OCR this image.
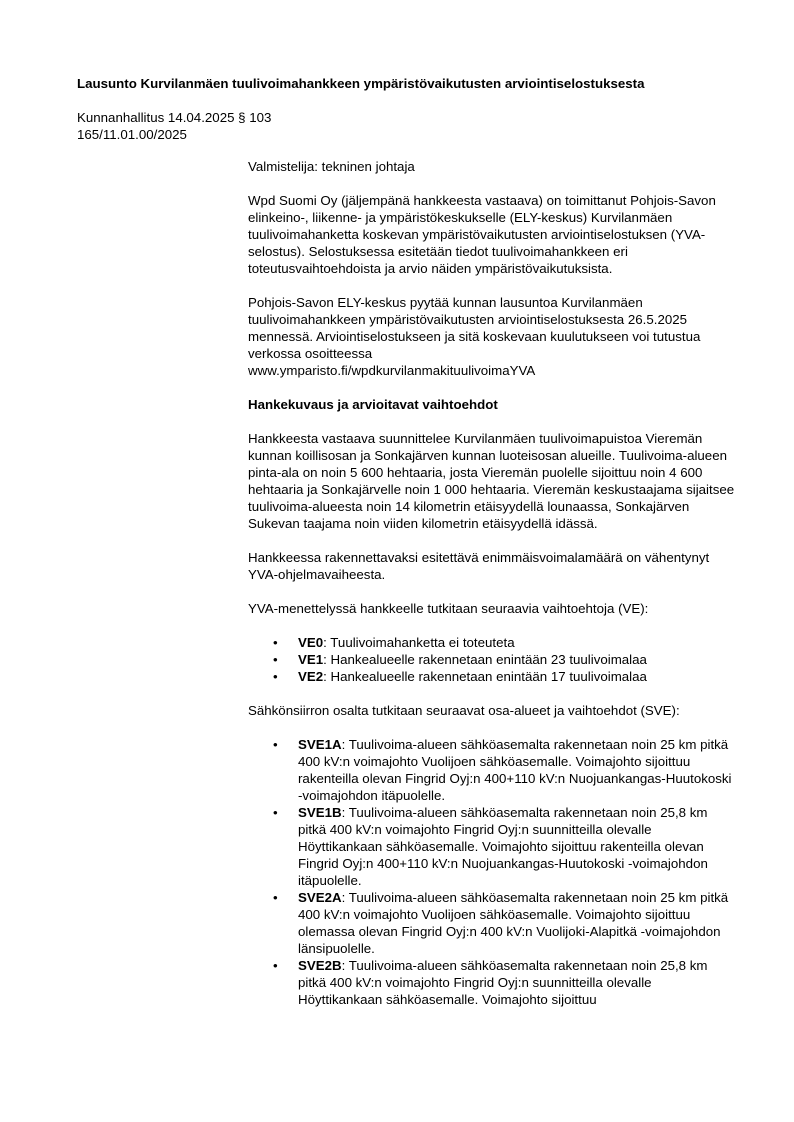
Lausunto Kurvilanmäen tuulivoimahankkeen ympäristövaikutusten arviointiselostuksesta

Kunnanhallitus 14.04.2025 § 103
165/11.01.00/2025

Valmistelija: tekninen johtaja

Wpd Suomi Oy (jäljempänä hankkeesta vastaava) on toimittanut Pohjois-Savon elinkeino-, liikenne- ja ympäristökeskukselle (ELY-keskus) Kurvilanmäen tuulivoimahanketta koskevan ympäristövaikutusten arviointiselostuksen (YVA-selostus). Selostuksessa esitetään tiedot tuulivoimahankkeen eri toteutusvaihtoehdoista ja arvio näiden ympäristövaikutuksista.

Pohjois-Savon ELY-keskus pyytää kunnan lausuntoa Kurvilanmäen tuulivoimahankkeen ympäristövaikutusten arviointiselostuksesta 26.5.2025 mennessä. Arviointiselostukseen ja sitä koskevaan kuulutukseen voi tutustua verkossa osoitteessa
www.ymparisto.fi/wpdkurvilanmakituulivoimaYVA

Hankekuvaus ja arvioitavat vaihtoehdot

Hankkeesta vastaava suunnittelee Kurvilanmäen tuulivoimapuistoa Vieremän kunnan koillisosan ja Sonkajärven kunnan luoteisosan alueille. Tuulivoima-alueen pinta-ala on noin 5 600 hehtaaria, josta Vieremän puolelle sijoittuu noin 4 600 hehtaaria ja Sonkajärvelle noin 1 000 hehtaaria. Vieremän keskustaajama sijaitsee tuulivoima-alueesta noin 14 kilometrin etäisyydellä lounaassa, Sonkajärven Sukevan taajama noin viiden kilometrin etäisyydellä idässä.

Hankkeessa rakennettavaksi esitettävä enimmäisvoimalamäärä on vähentynyt YVA-ohjelmavaiheesta.

YVA-menettelyssä hankkeelle tutkitaan seuraavia vaihtoehtoja (VE):

• VE0: Tuulivoimahanketta ei toteuteta
• VE1: Hankealueelle rakennetaan enintään 23 tuulivoimalaa
• VE2: Hankealueelle rakennetaan enintään 17 tuulivoimalaa

Sähkönsiirron osalta tutkitaan seuraavat osa-alueet ja vaihtoehdot (SVE):

• SVE1A: Tuulivoima-alueen sähköasemalta rakennetaan noin 25 km pitkä 400 kV:n voimajohto Vuolijoen sähköasemalle. Voimajohto sijoittuu rakenteilla olevan Fingrid Oyj:n 400+110 kV:n Nuojuankangas-Huutokoski -voimajohdon itäpuolelle.
• SVE1B: Tuulivoima-alueen sähköasemalta rakennetaan noin 25,8 km pitkä 400 kV:n voimajohto Fingrid Oyj:n suunnitteilla olevalle Höyttikankaan sähköasemalle. Voimajohto sijoittuu rakenteilla olevan Fingrid Oyj:n 400+110 kV:n Nuojuankangas-Huutokoski -voimajohdon itäpuolelle.
• SVE2A: Tuulivoima-alueen sähköasemalta rakennetaan noin 25 km pitkä 400 kV:n voimajohto Vuolijoen sähköasemalle. Voimajohto sijoittuu olemassa olevan Fingrid Oyj:n 400 kV:n Vuolijoki-Alapitkä -voimajohdon länsipuolelle.
• SVE2B: Tuulivoima-alueen sähköasemalta rakennetaan noin 25,8 km pitkä 400 kV:n voimajohto Fingrid Oyj:n suunnitteilla olevalle Höyttikankaan sähköasemalle. Voimajohto sijoittuu
